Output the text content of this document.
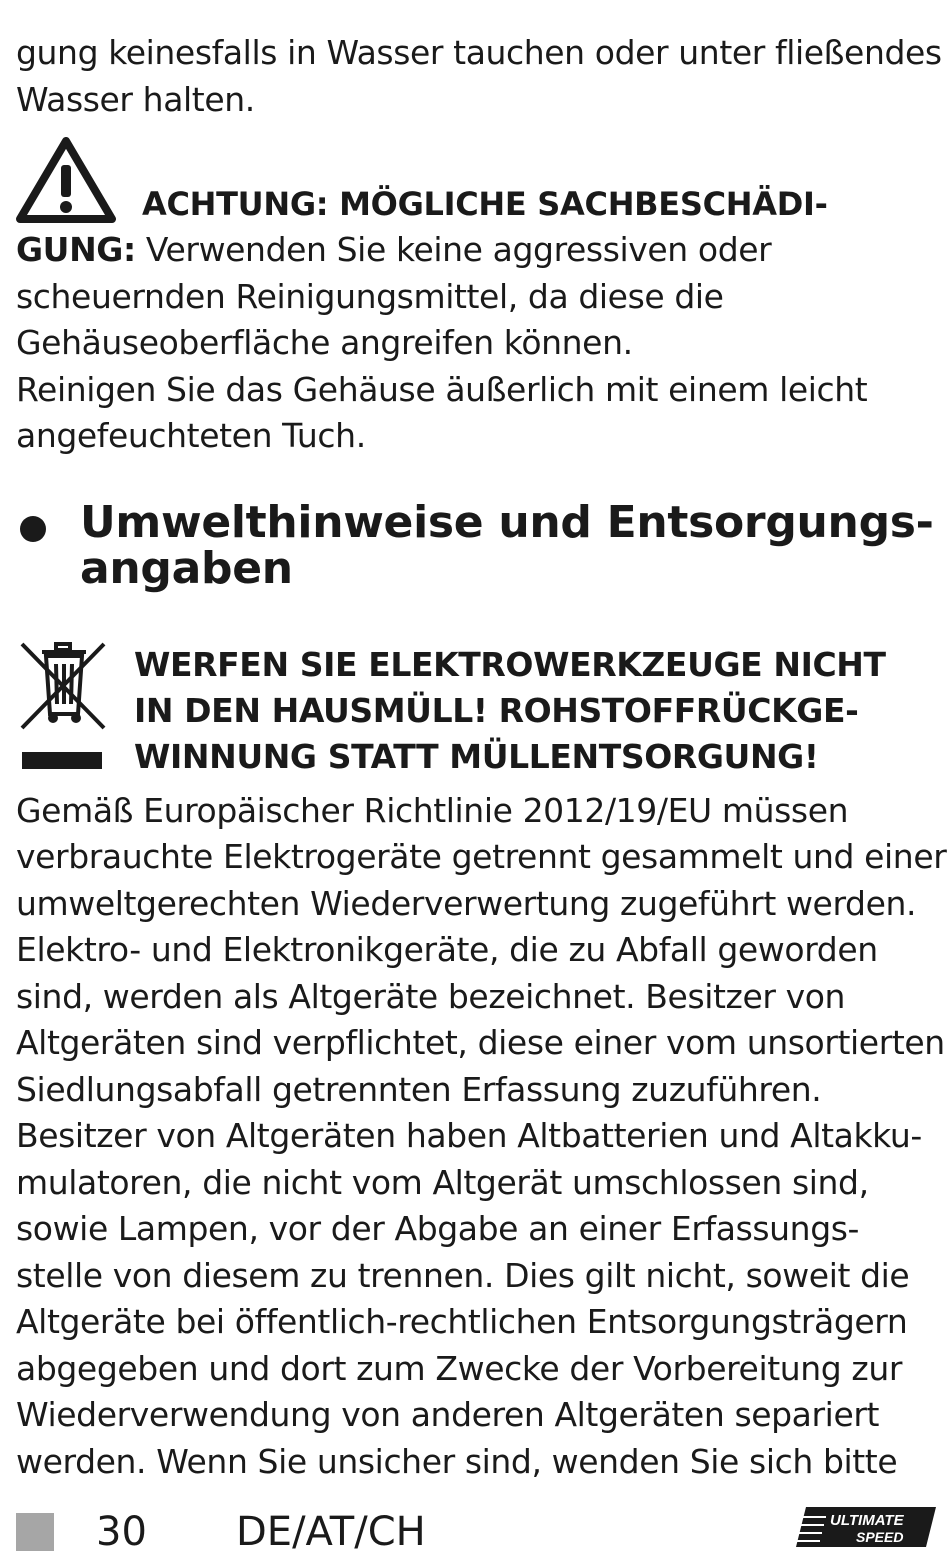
gung keinesfalls in Wasser tauchen oder unter fließendes

Wasser halten.

ACHTUNG: MÖGLICHE SACHBESCHÄDI-

GUNG: Verwenden Sie keine aggressiven oder

scheuernden Reinigungsmittel, da diese die

Gehäuseoberfläche angreifen können.

Reinigen Sie das Gehäuse äußerlich mit einem leicht

angefeuchteten Tuch.

Umwelthinweise und Entsorgungs-
angaben
WERFEN SIE ELEKTROWERKZEUGE NICHT
IN DEN HAUSMÜLL! ROHSTOFFRÜCKGE-
WINNUNG STATT MÜLLENTSORGUNG!

Gemäß Europäischer Richtlinie 2012/19/EU müssen

verbrauchte Elektrogeräte getrennt gesammelt und einer

umweltgerechten Wiederverwertung zugeführt werden.

Elektro- und Elektronikgeräte, die zu Abfall geworden

sind, werden als Altgeräte bezeichnet. Besitzer von

Altgeräten sind verpflichtet, diese einer vom unsortierten

Siedlungsabfall getrennten Erfassung zuzuführen.

Besitzer von Altgeräten haben Altbatterien und Altakku-

mulatoren, die nicht vom Altgerät umschlossen sind,

sowie Lampen, vor der Abgabe an einer Erfassungs-

stelle von diesem zu trennen. Dies gilt nicht, soweit die

Altgeräte bei öffentlich-rechtlichen Entsorgungsträgern

abgegeben und dort zum Zwecke der Vorbereitung zur

Wiederverwendung von anderen Altgeräten separiert

werden. Wenn Sie unsicher sind, wenden Sie sich bitte

30 DE/AT/CH	ULTIMATE
SPEED
